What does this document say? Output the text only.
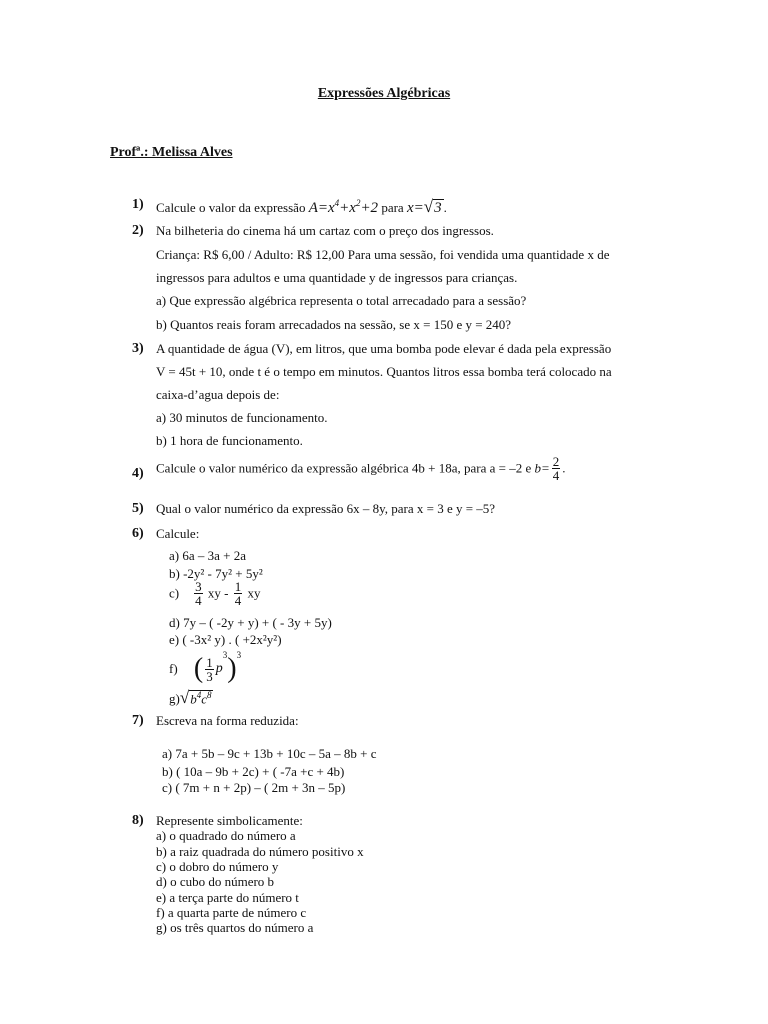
Expressões Algébricas
Profª.: Melissa Alves
1) Calcule o valor da expressão $A=x^4+x^2+2$ para x=√3 .
2) Na bilheteria do cinema há um cartaz com o preço dos ingressos.
Criança: R$ 6,00 / Adulto: R$ 12,00 Para uma sessão, foi vendida uma quantidade x de
ingressos para adultos e uma quantidade y de ingressos para crianças.
a) Que expressão algébrica representa o total arrecadado para a sessão?
b) Quantos reais foram arrecadados na sessão, se x = 150 e y = 240?
3) A quantidade de água (V), em litros, que uma bomba pode elevar é dada pela expressão
V = 45t + 10, onde t é o tempo em minutos. Quantos litros essa bomba terá colocado na
caixa-d’agua depois de:
a) 30 minutos de funcionamento.
b) 1 hora de funcionamento.
4) Calcule o valor numérico da expressão algébrica 4b + 18a, para a = –2 e $b= \frac{2}{4}$ .
5) Qual o valor numérico da expressão 6x – 8y, para x = 3 e y = –5?
6) Calcule:
a) 6a – 3a + 2a
b) -2y² - 7y² + 5y²
$c) \frac{3}{4}$ xy - $\frac{1}{4}$ xy
d) 7y – ( -2y + y) + ( - 3y + 5y)
e) ( -3x² y) . ( +2x²y²)
f) ( $\frac{1}{3} p^3)^3$
$g)√b^4c^8$
7) Escreva na forma reduzida:
a) 7a + 5b – 9c + 13b + 10c – 5a – 8b + c
b) ( 10a – 9b + 2c) + ( -7a +c + 4b)
c) ( 7m + n + 2p) – ( 2m + 3n – 5p)
8) Represente simbolicamente:
a) o quadrado do número a
b) a raiz quadrada do número positivo x
c) o dobro do número y
d) o cubo do número b
e) a terça parte do número t
f) a quarta parte de número c
g) os três quartos do número a
